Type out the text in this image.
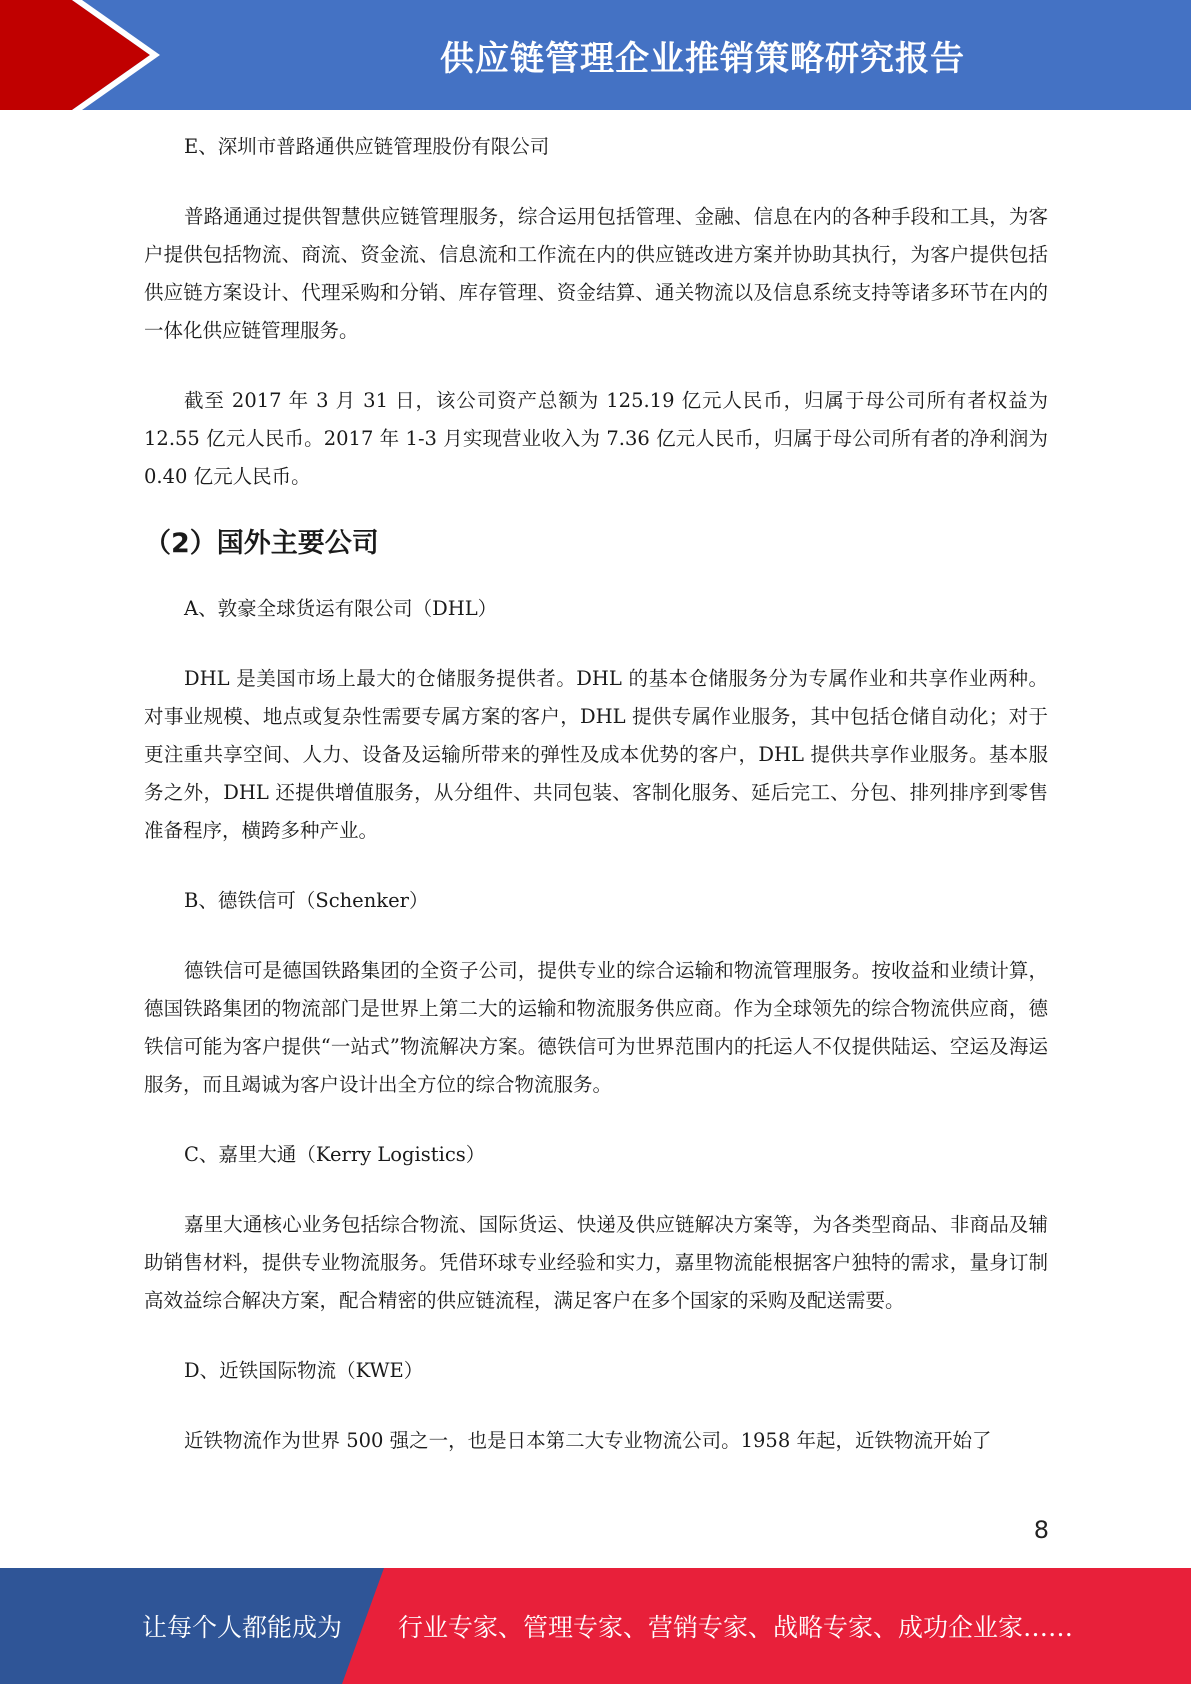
供应链管理企业推销策略研究报告

E、深圳市普路通供应链管理股份有限公司

普路通通过提供智慧供应链管理服务，综合运用包括管理、金融、信息在内的各种手段和工具，为客户提供包括物流、商流、资金流、信息流和工作流在内的供应链改进方案并协助其执行，为客户提供包括供应链方案设计、代理采购和分销、库存管理、资金结算、通关物流以及信息系统支持等诸多环节在内的一体化供应链管理服务。

截至 2017 年 3 月 31 日，该公司资产总额为 125.19 亿元人民币，归属于母公司所有者权益为 12.55 亿元人民币。2017 年 1-3 月实现营业收入为 7.36 亿元人民币，归属于母公司所有者的净利润为 0.40 亿元人民币。

（2）国外主要公司

A、敦豪全球货运有限公司（DHL）

DHL 是美国市场上最大的仓储服务提供者。DHL 的基本仓储服务分为专属作业和共享作业两种。对事业规模、地点或复杂性需要专属方案的客户，DHL 提供专属作业服务，其中包括仓储自动化；对于更注重共享空间、人力、设备及运输所带来的弹性及成本优势的客户，DHL 提供共享作业服务。基本服务之外，DHL 还提供增值服务，从分组件、共同包装、客制化服务、延后完工、分包、排列排序到零售准备程序，横跨多种产业。

B、德铁信可（Schenker）

德铁信可是德国铁路集团的全资子公司，提供专业的综合运输和物流管理服务。按收益和业绩计算，德国铁路集团的物流部门是世界上第二大的运输和物流服务供应商。作为全球领先的综合物流供应商，德铁信可能为客户提供“一站式”物流解决方案。德铁信可为世界范围内的托运人不仅提供陆运、空运及海运服务，而且竭诚为客户设计出全方位的综合物流服务。

C、嘉里大通（Kerry Logistics）

嘉里大通核心业务包括综合物流、国际货运、快递及供应链解决方案等，为各类型商品、非商品及辅助销售材料，提供专业物流服务。凭借环球专业经验和实力，嘉里物流能根据客户独特的需求，量身订制高效益综合解决方案，配合精密的供应链流程，满足客户在多个国家的采购及配送需要。

D、近铁国际物流（KWE）

近铁物流作为世界 500 强之一，也是日本第二大专业物流公司。1958 年起，近铁物流开始了

8
让每个人都能成为 行业专家、管理专家、营销专家、战略专家、成功企业家……
